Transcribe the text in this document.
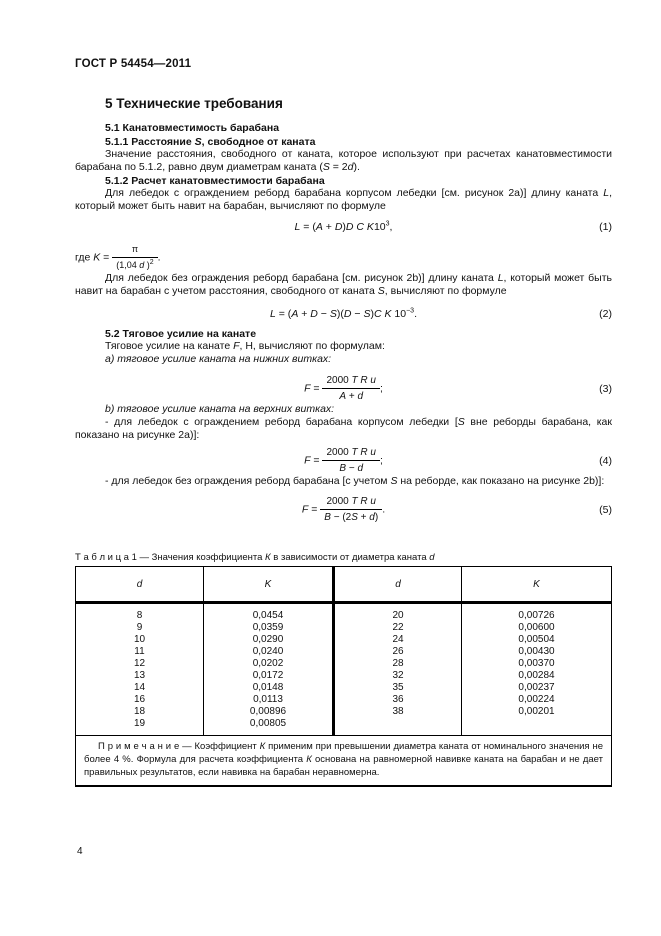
ГОСТ Р 54454—2011
5 Технические требования
5.1 Канатовместимость барабана
5.1.1 Расстояние S, свободное от каната

Значение расстояния, свободного от каната, которое используют при расчетах канатовместимости барабана по 5.1.2, равно двум диаметрам каната (S = 2d).

5.1.2 Расчет канатовместимости барабана

Для лебедок с ограждением реборд барабана корпусом лебедки [см. рисунок 2а)] длину каната L, который может быть навит на барабан, вычисляют по формуле

L = (A + D)D C $K10^3$,	(1)
где $K = \frac{\pi}{(1,04 d )^2}$ .

Для лебедок без ограждения реборд барабана [см. рисунок 2b)] длину каната L, который может быть навит на барабан с учетом расстояния, свободного от каната S, вычисляют по формуле

L = (A + D − S)(D − S)C K $10^{-3}$.	(2)
5.2 Тяговое усилие на канате

Тяговое усилие на канате F, Н, вычисляют по формулам:

а) тяговое усилие каната на нижних витках:

$F = \frac{\text{2000 T R u}}{A + d}$ ;	(3)

b) тяговое усилие каната на верхних витках:

- для лебедок с ограждением реборд барабана корпусом лебедки [S вне реборды барабана, как показано на рисунке 2а)]:

$F = \frac{\text{2000 T R u}}{B - d}$ ;	(4)

- для лебедок без ограждения реборд барабана [с учетом S на реборде, как показано на рисунке 2b)]:

$F = \frac{\text{2000 T R u}}{B - (2S + d)}$ .	(5)

Т а б л и ц а 1 — Значения коэффициента К в зависимости от диаметра каната d

d	K	d	K
8	0,0454	20	0,00726
9	0,0359	22	0,00600
10	0,0290	24	0,00504
11	0,0240	26	0,00430
12	0,0202	28	0,00370
13	0,0172	32	0,00284
14	0,0148	35	0,00237
16	0,0113	36	0,00224
18	0,00896	38	0,00201
19	0,00805		
П р и м е ч а н и е — Коэффициент К применим при превышении диаметра каната от номинального значения не более 4 %. Формула для расчета коэффициента К основана на равномерной навивке каната на барабан и не дает правильных результатов, если навивка на барабан неравномерна.			
4
